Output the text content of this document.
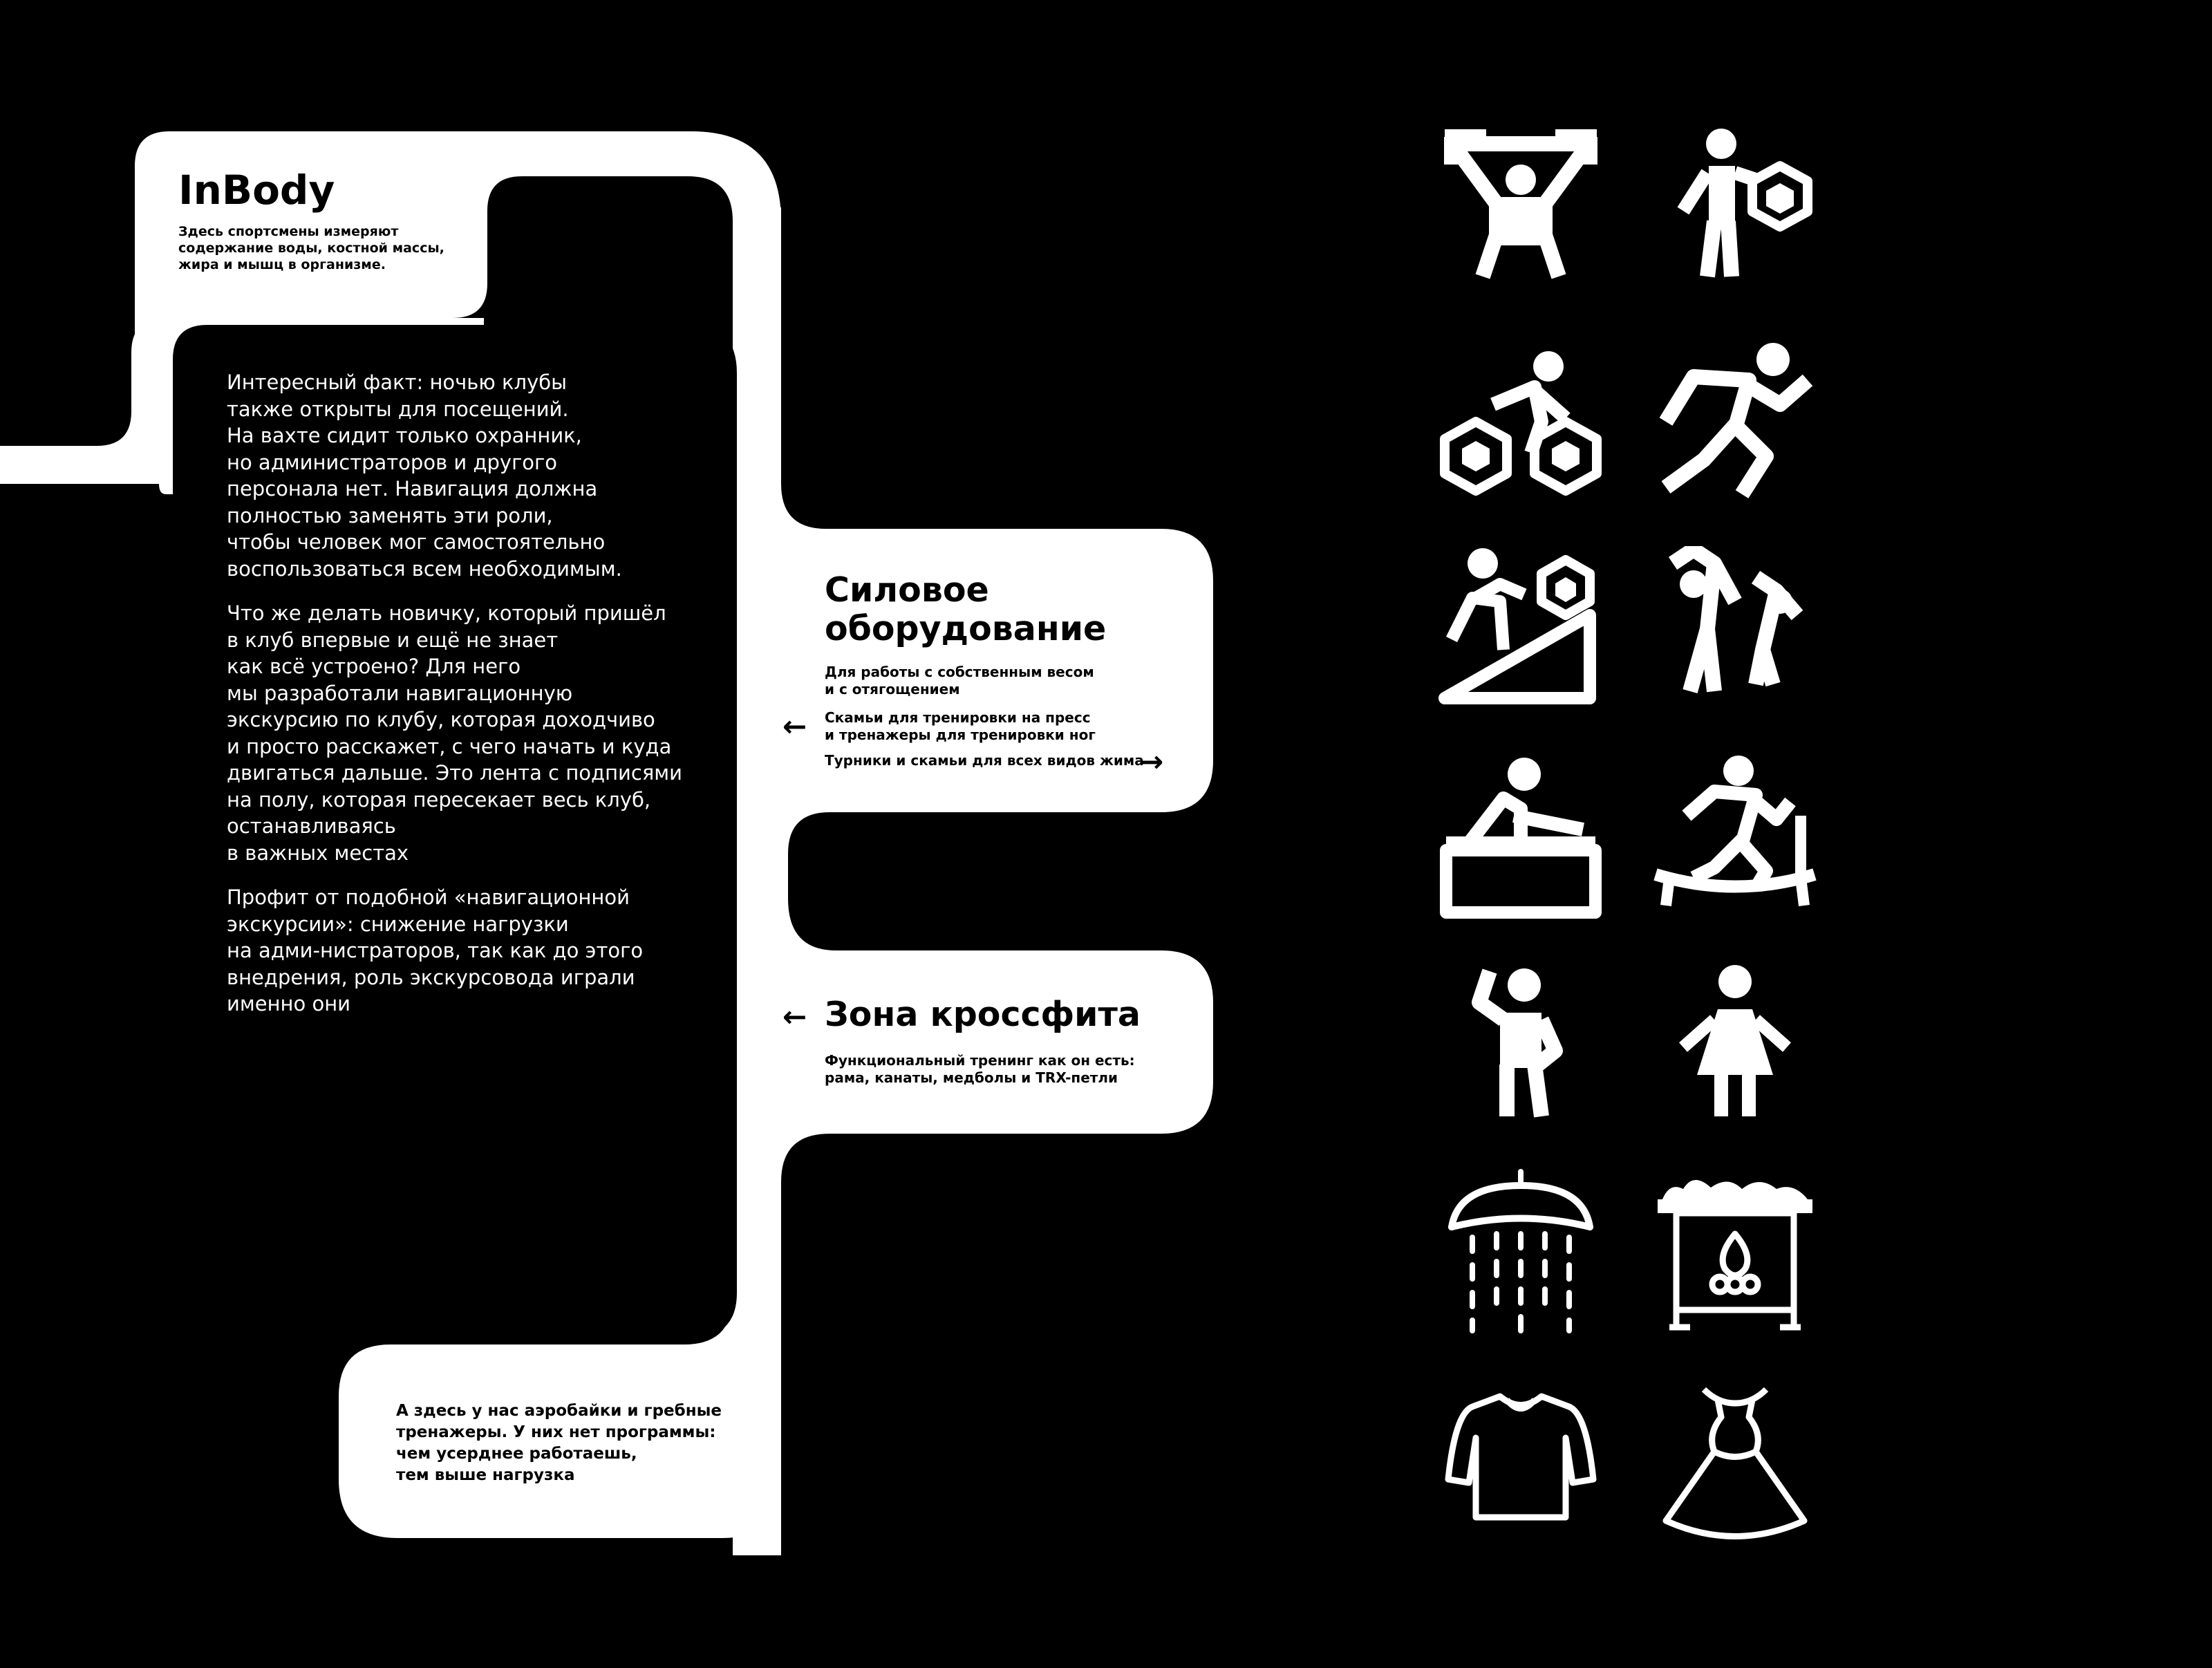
InBody
Здесь спортсмены измеряют
содержание воды, костной массы,
жира и мышц в организме.
Интересный факт: ночью клубы
также открыты для посещений.
На вахте сидит только охранник,
но администраторов и другого
персонала нет. Навигация должна
полностью заменять эти роли,
чтобы человек мог самостоятельно
воспользоваться всем необходимым.
Что же делать новичку, который пришёл
в клуб впервые и ещё не знает
как всё устроено? Для него
мы разработали навигационную
экскурсию по клубу, которая доходчиво
и просто расскажет, с чего начать и куда
двигаться дальше. Это лента с подписями
на полу, которая пересекает весь клуб,
останавливаясь
в важных местах
Профит от подобной «навигационной
экскурсии»: снижение нагрузки
на адми-нистраторов, так как до этого
внедрения, роль экскурсовода играли
именно они
Силовое
оборудование
Для работы с собственным весом
и с отягощением
← Скамьи для тренировки на пресс
и тренажеры для тренировки ног
Турники и скамьи для всех видов жима
→
← Зона кроссфита
Функциональный тренинг как он есть:
рама, канаты, медболы и TRX-петли
А здесь у нас аэробайки и гребные
тренажеры. У них нет программы:
чем усерднее работаешь,
тем выше нагрузка
